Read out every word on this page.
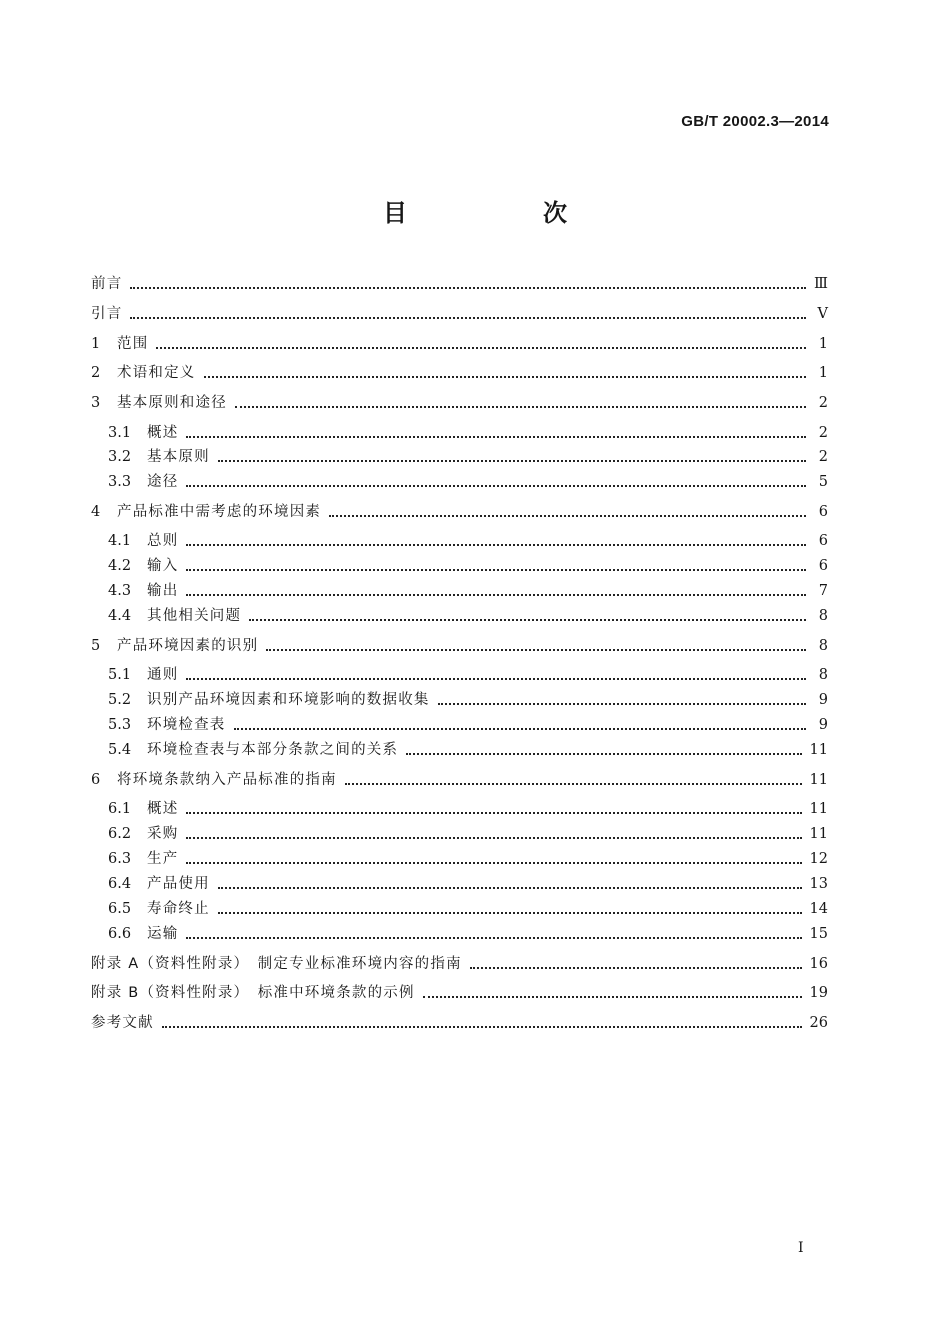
GB/T 20002.3—2014
目　次
前言	Ⅲ
引言	Ⅴ
1	范围	1
2	术语和定义	1
3	基本原则和途径	2
3.1	概述	2
3.2	基本原则	2
3.3	途径	5
4	产品标准中需考虑的环境因素	6
4.1	总则	6
4.2	输入	6
4.3	输出	7
4.4	其他相关问题	8
5	产品环境因素的识别	8
5.1	通则	8
5.2	识别产品环境因素和环境影响的数据收集	9
5.3	环境检查表	9
5.4	环境检查表与本部分条款之间的关系	11
6	将环境条款纳入产品标准的指南	11
6.1	概述	11
6.2	采购	11
6.3	生产	12
6.4	产品使用	13
6.5	寿命终止	14
6.6	运输	15
附录 A（资料性附录）　制定专业标准环境内容的指南	16
附录 B（资料性附录）　标准中环境条款的示例	19
参考文献	26
Ⅰ
